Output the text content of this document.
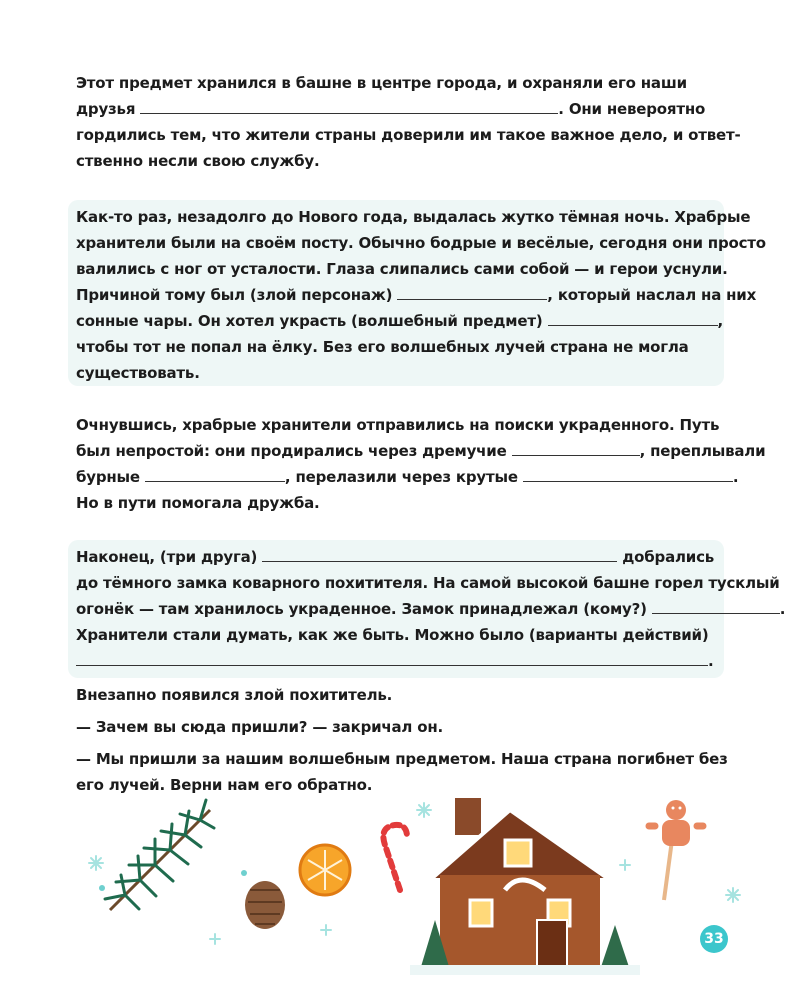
Этот предмет хранился в башне в центре города, и охраняли его наши

друзья	. Они невероятно

гордились тем, что жители страны доверили им такое важное дело, и ответ-

ственно несли свою службу.

Как-то раз, незадолго до Нового года, выдалась жутко тёмная ночь. Храбрые

хранители были на своём посту. Обычно бодрые и весёлые, сегодня они просто

валились с ног от усталости. Глаза слипались сами собой — и герои уснули.

Причиной тому был (злой персонаж)	, который наслал на них

сонные чары. Он хотел украсть (волшебный предмет)	,

чтобы тот не попал на ёлку. Без его волшебных лучей страна не могла

существовать.

Очнувшись, храбрые хранители отправились на поиски украденного. Путь

был непростой: они продирались через дремучие	, переплывали

бурные	, перелазили через крутые	.

Но в пути помогала дружба.

Наконец, (три друга)	добрались

до тёмного замка коварного похитителя. На самой высокой башне горел тусклый

огонёк — там хранилось украденное. Замок принадлежал (кому?)	.

Хранители стали думать, как же быть. Можно было (варианты действий)

.

Внезапно появился злой похититель.

— Зачем вы сюда пришли? — закричал он.

— Мы пришли за нашим волшебным предметом. Наша страна погибнет без

его лучей. Верни нам его обратно.

33
